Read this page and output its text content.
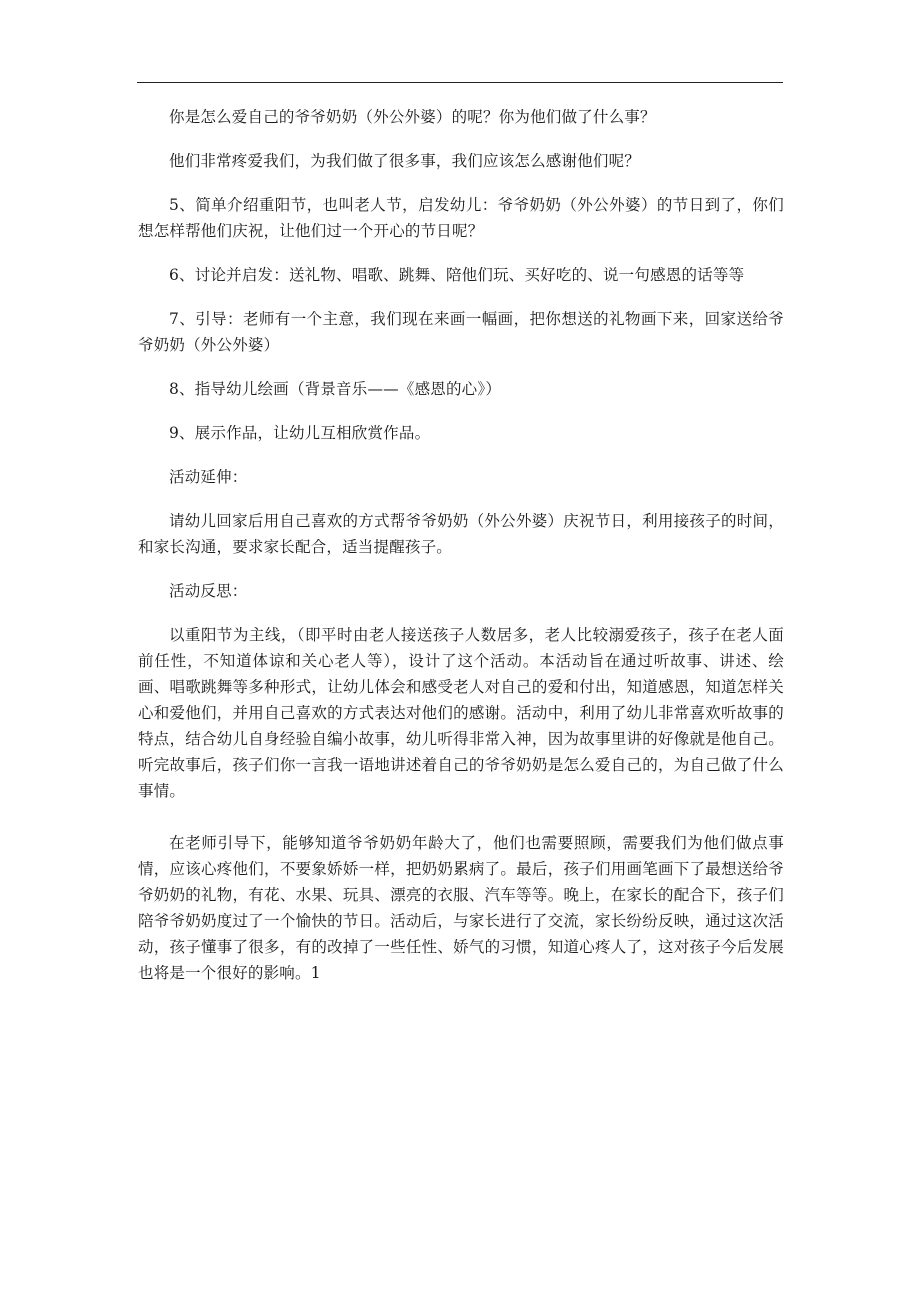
你是怎么爱自己的爷爷奶奶（外公外婆）的呢？你为他们做了什么事？

他们非常疼爱我们，为我们做了很多事，我们应该怎么感谢他们呢？

5、简单介绍重阳节，也叫老人节，启发幼儿：爷爷奶奶（外公外婆）的节日到了，你们想怎样帮他们庆祝，让他们过一个开心的节日呢？

6、讨论并启发：送礼物、唱歌、跳舞、陪他们玩、买好吃的、说一句感恩的话等等

7、引导：老师有一个主意，我们现在来画一幅画，把你想送的礼物画下来，回家送给爷爷奶奶（外公外婆）

8、指导幼儿绘画（背景音乐——《感恩的心》）

9、展示作品，让幼儿互相欣赏作品。

活动延伸：

请幼儿回家后用自己喜欢的方式帮爷爷奶奶（外公外婆）庆祝节日，利用接孩子的时间，和家长沟通，要求家长配合，适当提醒孩子。

活动反思：

以重阳节为主线，（即平时由老人接送孩子人数居多，老人比较溺爱孩子，孩子在老人面前任性，不知道体谅和关心老人等），设计了这个活动。本活动旨在通过听故事、讲述、绘画、唱歌跳舞等多种形式，让幼儿体会和感受老人对自己的爱和付出，知道感恩，知道怎样关心和爱他们，并用自己喜欢的方式表达对他们的感谢。活动中，利用了幼儿非常喜欢听故事的特点，结合幼儿自身经验自编小故事，幼儿听得非常入神，因为故事里讲的好像就是他自己。听完故事后，孩子们你一言我一语地讲述着自己的爷爷奶奶是怎么爱自己的，为自己做了什么事情。

在老师引导下，能够知道爷爷奶奶年龄大了，他们也需要照顾，需要我们为他们做点事情，应该心疼他们，不要象娇娇一样，把奶奶累病了。最后，孩子们用画笔画下了最想送给爷爷奶奶的礼物，有花、水果、玩具、漂亮的衣服、汽车等等。晚上，在家长的配合下，孩子们陪爷爷奶奶度过了一个愉快的节日。活动后，与家长进行了交流，家长纷纷反映，通过这次活动，孩子懂事了很多，有的改掉了一些任性、娇气的习惯，知道心疼人了，这对孩子今后发展也将是一个很好的影响。1
